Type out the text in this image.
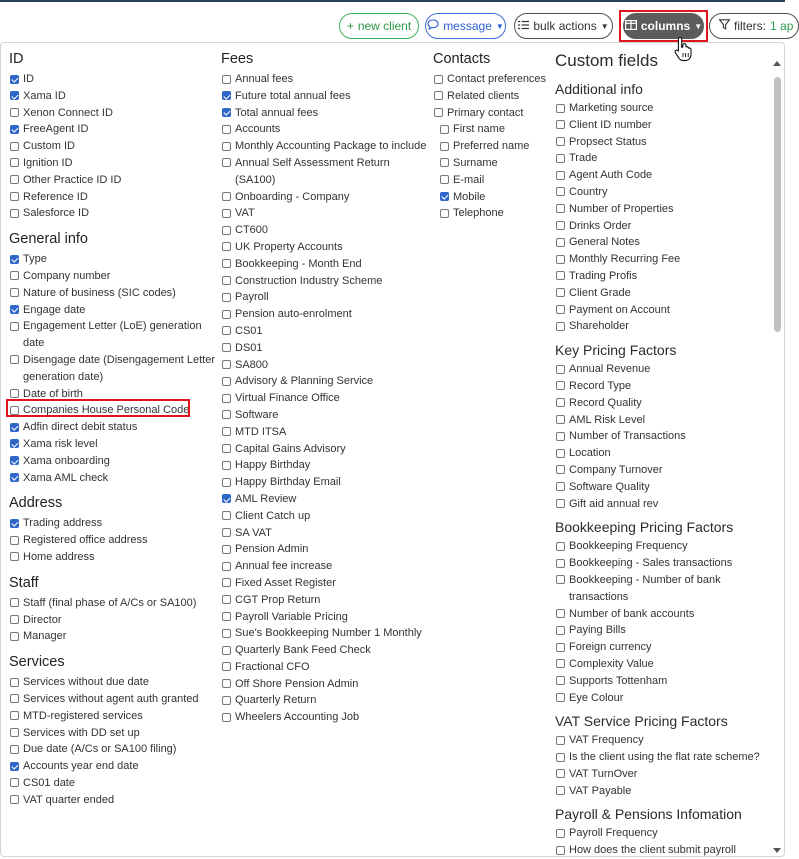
+ new client	message ▼ bulk actions ▼	columns ▼	filters: 1 ap
ID
ID
Xama ID
Xenon Connect ID
FreeAgent ID
Custom ID
Ignition ID
Other Practice ID ID
Reference ID
Salesforce ID
General info
Type
Company number
Nature of business (SIC codes)
Engage date
Engagement Letter (LoE) generation date
Disengage date (Disengagement Letter generation date)
Date of birth
Companies House Personal Code
Adfin direct debit status
Xama risk level
Xama onboarding
Xama AML check
Address
Trading address
Registered office address
Home address
Staff
Staff (final phase of A/Cs or SA100)
Director
Manager
Services
Services without due date
Services without agent auth granted
MTD-registered services
Services with DD set up
Due date (A/Cs or SA100 filing)
Accounts year end date
CS01 date
VAT quarter ended
Fees
Annual fees
Future total annual fees
Total annual fees
Accounts
Monthly Accounting Package to include
Annual Self Assessment Return (SA100)
Onboarding - Company
VAT
CT600
UK Property Accounts
Bookkeeping - Month End
Construction Industry Scheme
Payroll
Pension auto-enrolment
CS01
DS01
SA800
Advisory & Planning Service
Virtual Finance Office
Software
MTD ITSA
Capital Gains Advisory
Happy Birthday
Happy Birthday Email
AML Review
Client Catch up
SA VAT
Pension Admin
Annual fee increase
Fixed Asset Register
CGT Prop Return
Payroll Variable Pricing
Sue's Bookkeeping Number 1 Monthly
Quarterly Bank Feed Check
Fractional CFO
Off Shore Pension Admin
Quarterly Return
Wheelers Accounting Job
Contacts
Contact preferences
Related clients
Primary contact
First name
Preferred name
Surname
E-mail
Mobile
Telephone
Custom fields
Additional info
Marketing source
Client ID number
Propsect Status
Trade
Agent Auth Code
Country
Number of Properties
Drinks Order
General Notes
Monthly Recurring Fee
Trading Profis
Client Grade
Payment on Account
Shareholder
Key Pricing Factors
Annual Revenue
Record Type
Record Quality
AML Risk Level
Number of Transactions
Location
Company Turnover
Software Quality
Gift aid annual rev
Bookkeeping Pricing Factors
Bookkeeping Frequency
Bookkeeping - Sales transactions
Bookkeeping - Number of bank transactions
Number of bank accounts
Paying Bills
Foreign currency
Complexity Value
Supports Tottenham
Eye Colour
VAT Service Pricing Factors
VAT Frequency
Is the client using the flat rate scheme?
VAT TurnOver
VAT Payable
Payroll & Pensions Infomation
Payroll Frequency
How does the client submit payroll
